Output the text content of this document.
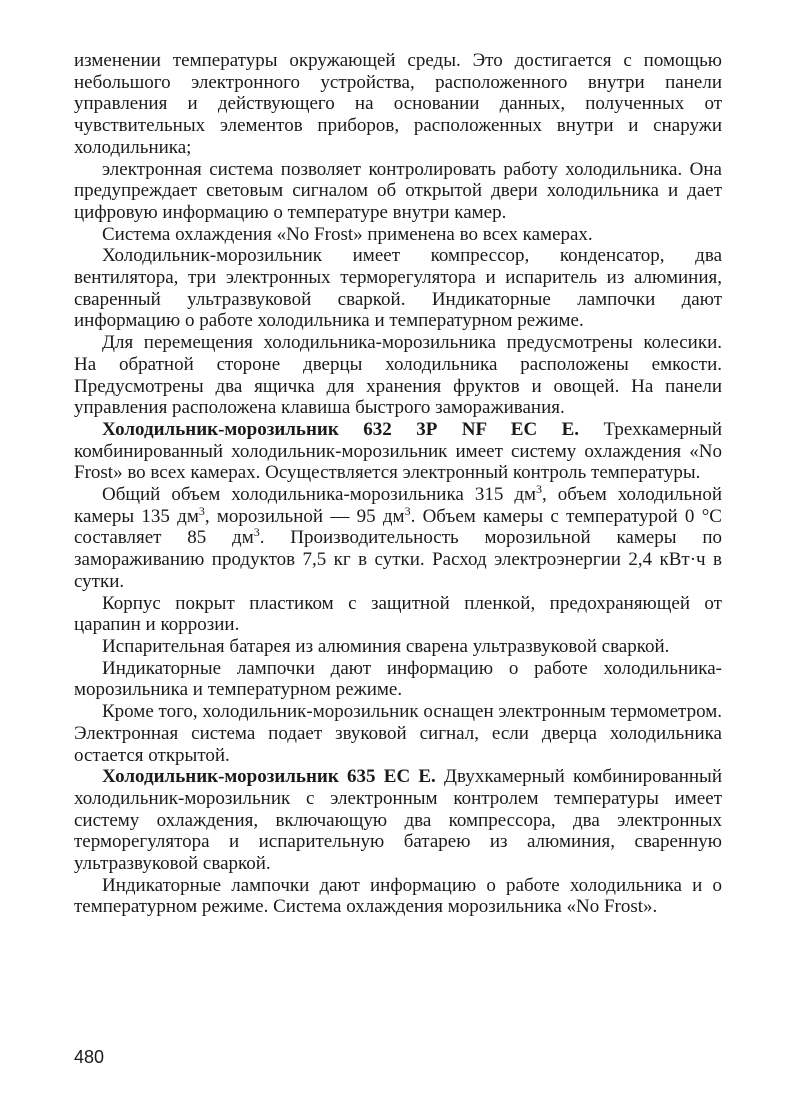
изменении температуры окружающей среды. Это достигается с помощью небольшого электронного устройства, расположенного внутри панели управления и действующего на основании данных, полученных от чувствительных элементов приборов, расположенных внутри и снаружи холодильника;

электронная система позволяет контролировать работу холодильника. Она предупреждает световым сигналом об открытой двери холодильника и дает цифровую информацию о температуре внутри камер.

Система охлаждения «No Frost» применена во всех камерах.

Холодильник-морозильник имеет компрессор, конденсатор, два вентилятора, три электронных терморегулятора и испаритель из алюминия, сваренный ультразвуковой сваркой. Индикаторные лампочки дают информацию о работе холодильника и температурном режиме.

Для перемещения холодильника-морозильника предусмотрены колесики. На обратной стороне дверцы холодильника расположены емкости. Предусмотрены два ящичка для хранения фруктов и овощей. На панели управления расположена клавиша быстрого замораживания.

Холодильник-морозильник 632 3Р NF ЕС Е. Трехкамерный комбинированный холодильник-морозильник имеет систему охлаждения «No Frost» во всех камерах. Осуществляется электронный контроль температуры.

Общий объем холодильника-морозильника 315 $дм^3$, объем холодильной камеры 135 $дм^3$, морозильной — 95 $дм^3$. Объем камеры с температурой 0 °С составляет 85 $дм^3$. Производительность морозильной камеры по замораживанию продуктов 7,5 кг в сутки. Расход электроэнергии 2,4 кВт·ч в сутки.

Корпус покрыт пластиком с защитной пленкой, предохраняющей от царапин и коррозии.

Испарительная батарея из алюминия сварена ультразвуковой сваркой.

Индикаторные лампочки дают информацию о работе холодильника-морозильника и температурном режиме.

Кроме того, холодильник-морозильник оснащен электронным термометром. Электронная система подает звуковой сигнал, если дверца холодильника остается открытой.

Холодильник-морозильник 635 ЕС Е. Двухкамерный комбинированный холодильник-морозильник с электронным контролем температуры имеет систему охлаждения, включающую два компрессора, два электронных терморегулятора и испарительную батарею из алюминия, сваренную ультразвуковой сваркой.

Индикаторные лампочки дают информацию о работе холодильника и о температурном режиме. Система охлаждения морозильника «No Frost».

480
